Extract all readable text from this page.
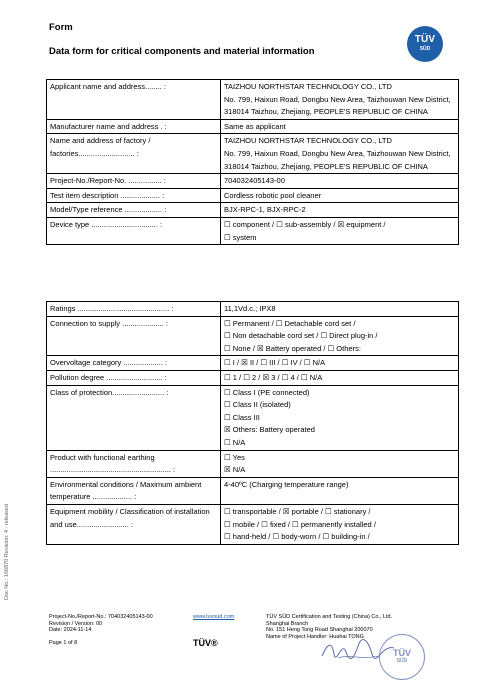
Form
Data form for critical components and material information
TÜV
SÜD
Applicant name and address........ :	TAIZHOU NORTHSTAR TECHNOLOGY CO., LTD
No. 799, Haixun Road, Dongbu New Area, Taizhouwan New District, 318014 Taizhou, Zhejiang, PEOPLE'S REPUBLIC OF CHINA

Manufacturer name and address . :	Same as applicant

Name and address of factory / factories........................... :	TAIZHOU NORTHSTAR TECHNOLOGY CO., LTD
No. 799, Haixun Road, Dongbu New Area, Taizhouwan New District, 318014 Taizhou, Zhejiang, PEOPLE'S REPUBLIC OF CHINA

Project-No./Report-No. ................ :	704032405143-00

Test item description ................... :	Cordless robotic pool cleaner

Model/Type reference .................. :	BJX-RPC-1, BJX-RPC-2

Device type ................................ :	☐ component / ☐ sub-assembly / ☒ equipment /
☐ system
Ratings ............................................ :	11,1Vd.c.; IPX8

Connection to supply .................... :	☐ Permanent / ☐ Detachable cord set /
☐ Non detachable cord set / ☐ Direct plug-in /
☐ None / ☒ Battery operated / ☐ Others:

Overvoltage category ................... :	☐ I / ☒ II / ☐ III / ☐ IV / ☐ N/A

Pollution degree ........................... :	☐ 1 / ☐ 2 / ☒ 3 / ☐ 4 / ☐ N/A

Class of protection......................... :	☐ Class I (PE connected)
☐ Class II (isolated)
☐ Class III
☒ Others: Battery operated
☐ N/A

Product with functional earthing .......................................................... :	☐ Yes
☒ N/A

Environmental conditions / Maximum ambient temperature ................... :	4-40ºC (Charging temperature range)

Equipment mobility / Classification of installation and use......................... :	☐ transportable / ☒ portable / ☐ stationary /
☐ mobile / ☐ fixed / ☐ permanently installed /
☐ hand-held / ☐ body-worn / ☐ building-in /
Doc No.: 166870 Revision: 4 - released
Project-No./Report-No.: 704032405143-00
Revision / Version: 00
Date: 2024-11-14
Page 1 of 8
www.tuvsud.com
TÜV®
TÜV SÜD Certification and Testing (China) Co., Ltd.
Shanghai Branch
No. 151 Heng Tong Road Shanghai 200070
Name of Project Handler: Huahai TONG
TÜV
SÜD
